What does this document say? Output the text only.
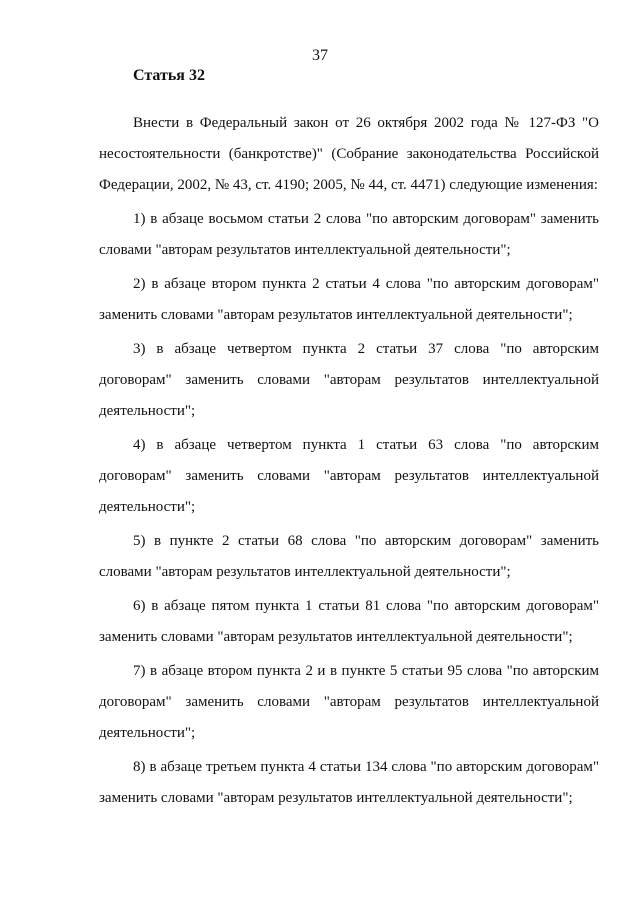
37
Статья 32

Внести в Федеральный закон от 26 октября 2002 года № 127-ФЗ "О несостоятельности (банкротстве)" (Собрание законодательства Российской Федерации, 2002, № 43, ст. 4190; 2005, № 44, ст. 4471) следующие изменения:

1) в абзаце восьмом статьи 2 слова "по авторским договорам" заменить словами "авторам результатов интеллектуальной деятельности";

2) в абзаце втором пункта 2 статьи 4 слова "по авторским договорам" заменить словами "авторам результатов интеллектуальной деятельности";

3) в абзаце четвертом пункта 2 статьи 37 слова "по авторским договорам" заменить словами "авторам результатов интеллектуальной деятельности";

4) в абзаце четвертом пункта 1 статьи 63 слова "по авторским договорам" заменить словами "авторам результатов интеллектуальной деятельности";

5) в пункте 2 статьи 68 слова "по авторским договорам" заменить словами "авторам результатов интеллектуальной деятельности";

6) в абзаце пятом пункта 1 статьи 81 слова "по авторским договорам" заменить словами "авторам результатов интеллектуальной деятельности";

7) в абзаце втором пункта 2 и в пункте 5 статьи 95 слова "по авторским договорам" заменить словами "авторам результатов интеллектуальной деятельности";

8) в абзаце третьем пункта 4 статьи 134 слова "по авторским договорам" заменить словами "авторам результатов интеллектуальной деятельности";
